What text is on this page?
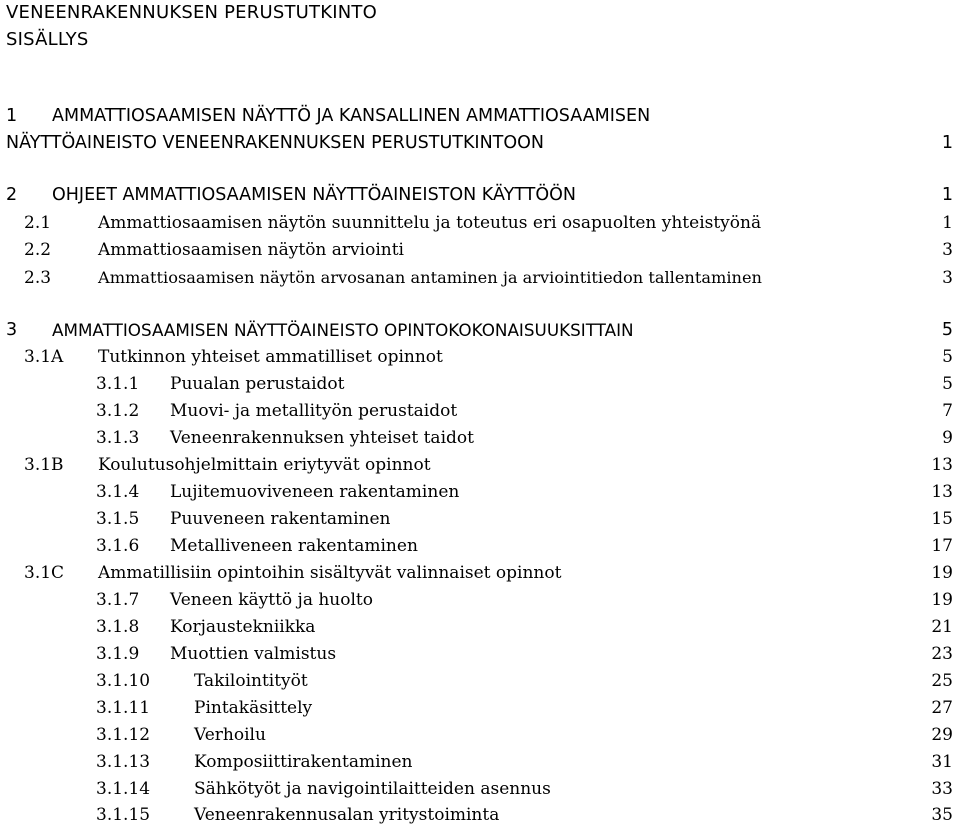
VENEENRAKENNUKSEN PERUSTUTKINTO
SISÄLLYS
1 AMMATTIOSAAMISEN NÄYTTÖ JA KANSALLINEN AMMATTIOSAAMISEN
NÄYTTÖAINEISTO VENEENRAKENNUKSEN PERUSTUTKINTOON	1
2 OHJEET AMMATTIOSAAMISEN NÄYTTÖAINEISTON KÄYTTÖÖN	1
2.1	Ammattiosaamisen näytön suunnittelu ja toteutus eri osapuolten yhteistyönä	1
2.2	Ammattiosaamisen näytön arviointi	3
2.3	Ammattiosaamisen näytön arvosanan antaminen ja arviointitiedon tallentaminen	3
3 AMMATTIOSAAMISEN NÄYTTÖAINEISTO OPINTOKOKONAISUUKSITTAIN	5
3.1A Tutkinnon yhteiset ammatilliset opinnot	5
3.1.1 Puualan perustaidot	5
3.1.2 Muovi- ja metallityön perustaidot	7
3.1.3 Veneenrakennuksen yhteiset taidot	9
3.1B Koulutusohjelmittain eriytyvät opinnot	13
3.1.4 Lujitemuoviveneen rakentaminen	13
3.1.5 Puuveneen rakentaminen	15
3.1.6 Metalliveneen rakentaminen	17
3.1C Ammatillisiin opintoihin sisältyvät valinnaiset opinnot	19
3.1.7 Veneen käyttö ja huolto	19
3.1.8 Korjaustekniikka	21
3.1.9 Muottien valmistus	23
3.1.10	Takilointityöt	25
3.1.11	Pintakäsittely	27
3.1.12	Verhoilu	29
3.1.13	Komposiittirakentaminen	31
3.1.14	Sähkötyöt ja navigointilaitteiden asennus	33
3.1.15	Veneenrakennusalan yritystoiminta	35
